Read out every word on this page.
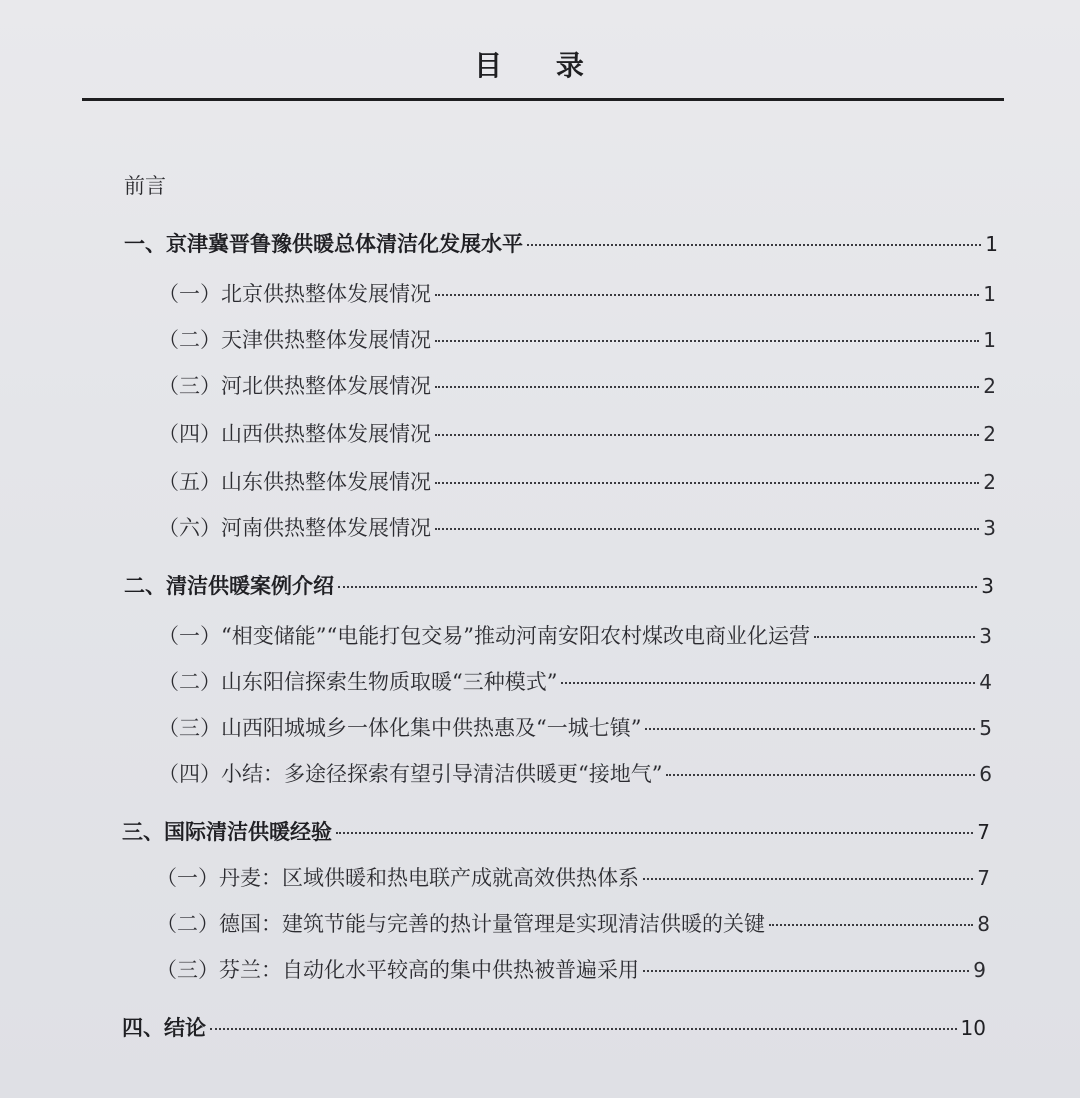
目 录
前言
一、京津冀晋鲁豫供暖总体清洁化发展水平	1
（一）北京供热整体发展情况	1
（二）天津供热整体发展情况	1
（三）河北供热整体发展情况	2
（四）山西供热整体发展情况	2
（五）山东供热整体发展情况	2
（六）河南供热整体发展情况	3
二、清洁供暖案例介绍	3
（一）“相变储能”“电能打包交易”推动河南安阳农村煤改电商业化运营	3
（二）山东阳信探索生物质取暖“三种模式”	4
（三）山西阳城城乡一体化集中供热惠及“一城七镇”	5
（四）小结：多途径探索有望引导清洁供暖更“接地气”	6
三、国际清洁供暖经验	7
（一）丹麦：区域供暖和热电联产成就高效供热体系	7
（二）德国：建筑节能与完善的热计量管理是实现清洁供暖的关键	8
（三）芬兰：自动化水平较高的集中供热被普遍采用	9
四、结论	10
